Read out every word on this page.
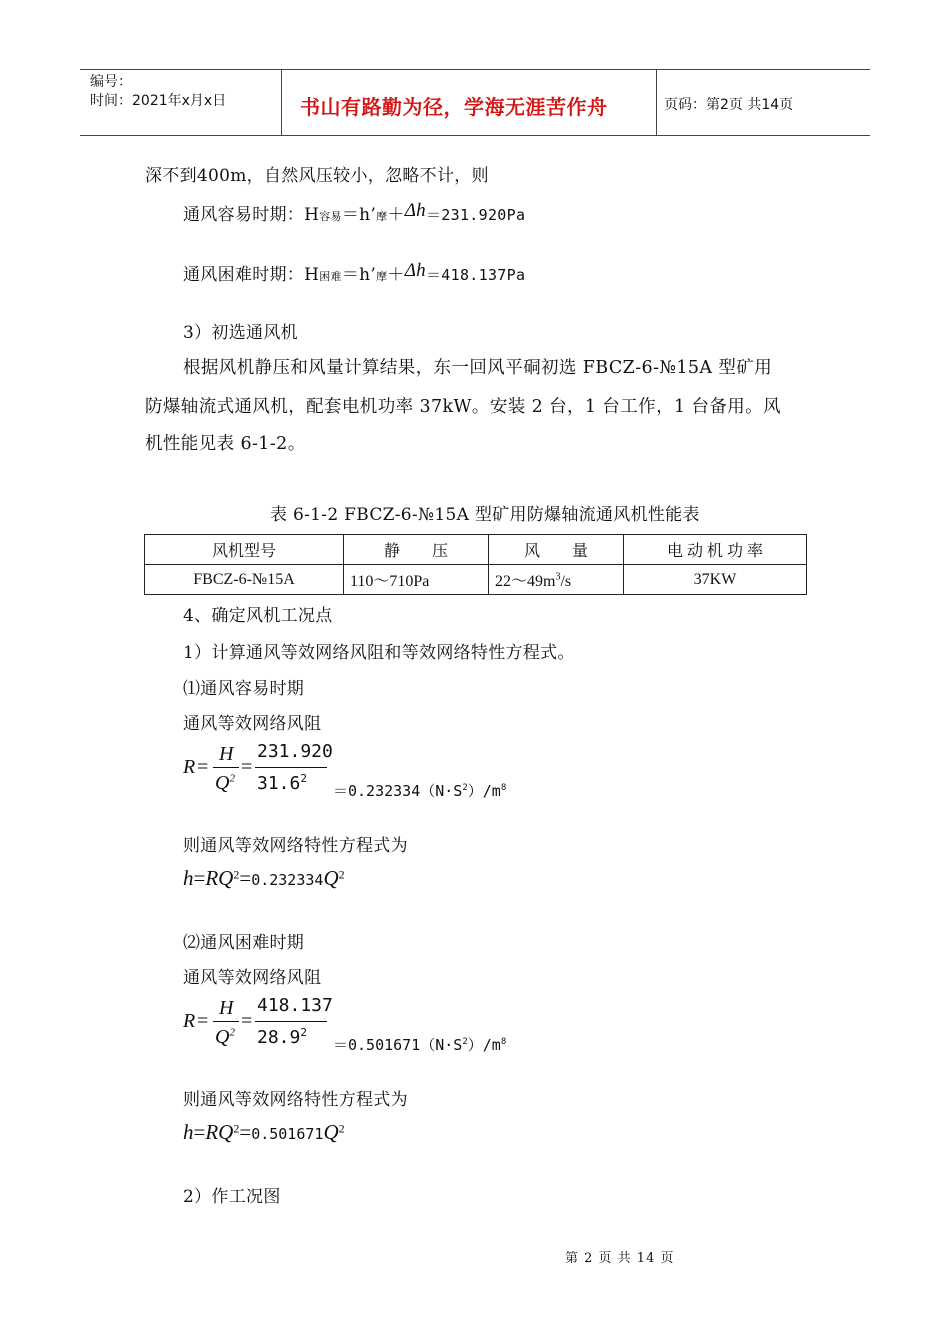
编号：
时间：2021年x月x日	书山有路勤为径，学海无涯苦作舟	页码：第2页 共14页
深不到400m，自然风压较小，忽略不计，则
通风容易时期：H容易＝h’摩＋Δh＝231.920Pa
通风困难时期：H困难＝h’摩＋Δh＝418.137Pa
3）初选通风机
根据风机静压和风量计算结果，东一回风平硐初选 FBCZ-6-№15A 型矿用
防爆轴流式通风机，配套电机功率 37kW。安装 2 台，1 台工作，1 台备用。风
机性能见表 6-1-2。
表 6-1-2 FBCZ-6-№15A 型矿用防爆轴流通风机性能表
风机型号	静　　压	风　　量	电 动 机 功 率
FBCZ-6-№15A	110～710Pa	$22\sim 49m^3/s$	37KW
4、确定风机工况点
1）计算通风等效网络风阻和等效网络特性方程式。
⑴通风容易时期
通风等效网络风阻
R =
H
$Q^2$
=
231.920
$31.6^2$
$=0.232334(N\cdot S^2)/m^8$
则通风等效网络特性方程式为
$h=RQ^2=0.232334Q^2$
⑵通风困难时期
通风等效网络风阻
R =
H
$Q^2$
=
418.137
$28.9^2$
$=0.501671(N\cdot S^2)/m^8$
则通风等效网络特性方程式为
$h=RQ^2=0.501671Q^2$
2）作工况图
第 2 页 共 14 页
